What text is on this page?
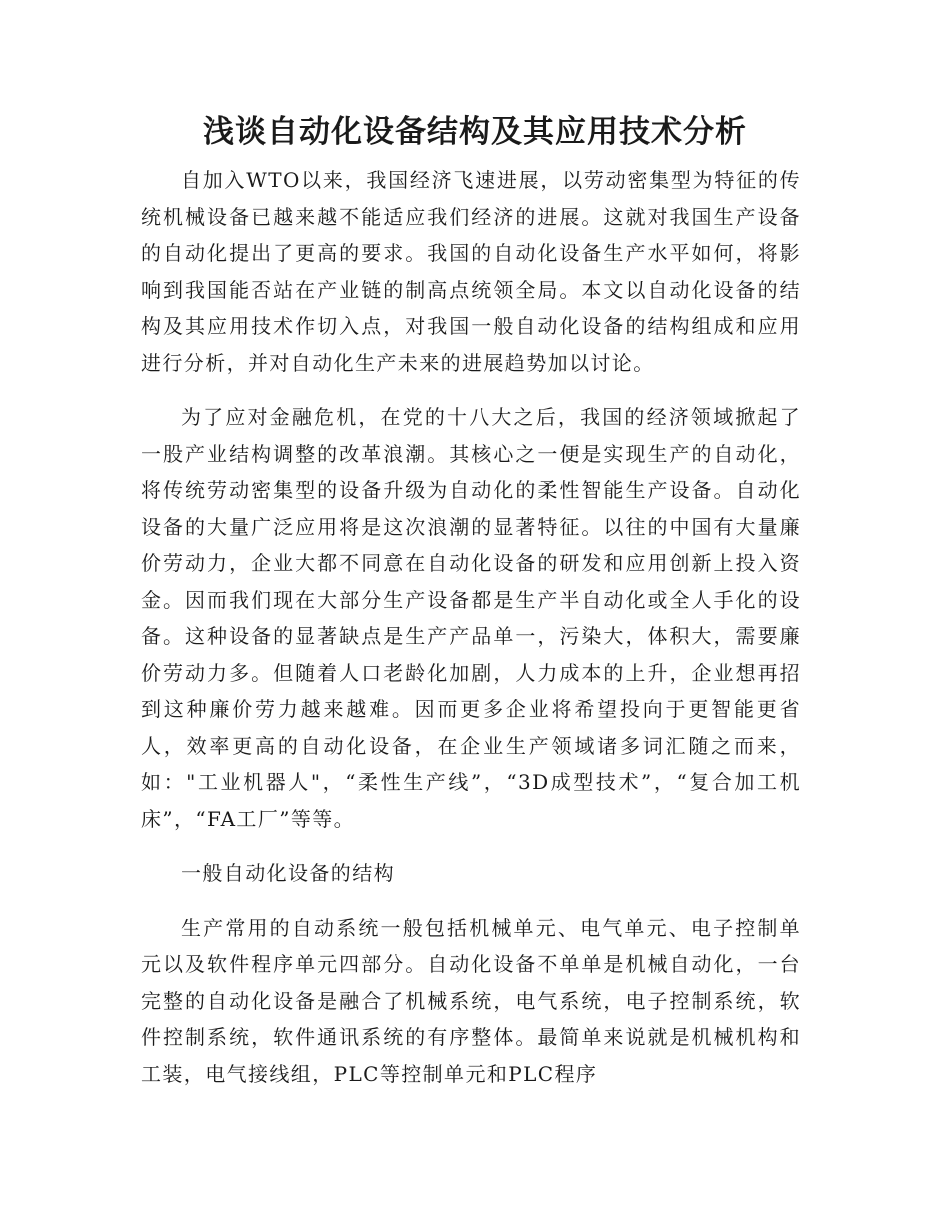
浅谈自动化设备结构及其应用技术分析

自加入WTO以来，我国经济飞速进展，以劳动密集型为特征的传统机械设备已越来越不能适应我们经济的进展。这就对我国生产设备的自动化提出了更高的要求。我国的自动化设备生产水平如何，将影响到我国能否站在产业链的制高点统领全局。本文以自动化设备的结构及其应用技术作切入点，对我国一般自动化设备的结构组成和应用进行分析，并对自动化生产未来的进展趋势加以讨论。

为了应对金融危机，在党的十八大之后，我国的经济领域掀起了一股产业结构调整的改革浪潮。其核心之一便是实现生产的自动化，将传统劳动密集型的设备升级为自动化的柔性智能生产设备。自动化设备的大量广泛应用将是这次浪潮的显著特征。以往的中国有大量廉价劳动力，企业大都不同意在自动化设备的研发和应用创新上投入资金。因而我们现在大部分生产设备都是生产半自动化或全人手化的设备。这种设备的显著缺点是生产产品单一，污染大，体积大，需要廉价劳动力多。但随着人口老龄化加剧，人力成本的上升，企业想再招到这种廉价劳力越来越难。因而更多企业将希望投向于更智能更省人，效率更高的自动化设备，在企业生产领域诸多词汇随之而来，如："工业机器人"，“柔性生产线”，“3D成型技术”，“复合加工机床”，“FA工厂”等等。

一般自动化设备的结构

生产常用的自动系统一般包括机械单元、电气单元、电子控制单元以及软件程序单元四部分。自动化设备不单单是机械自动化，一台完整的自动化设备是融合了机械系统，电气系统，电子控制系统，软件控制系统，软件通讯系统的有序整体。最简单来说就是机械机构和工装，电气接线组，PLC等控制单元和PLC程序
